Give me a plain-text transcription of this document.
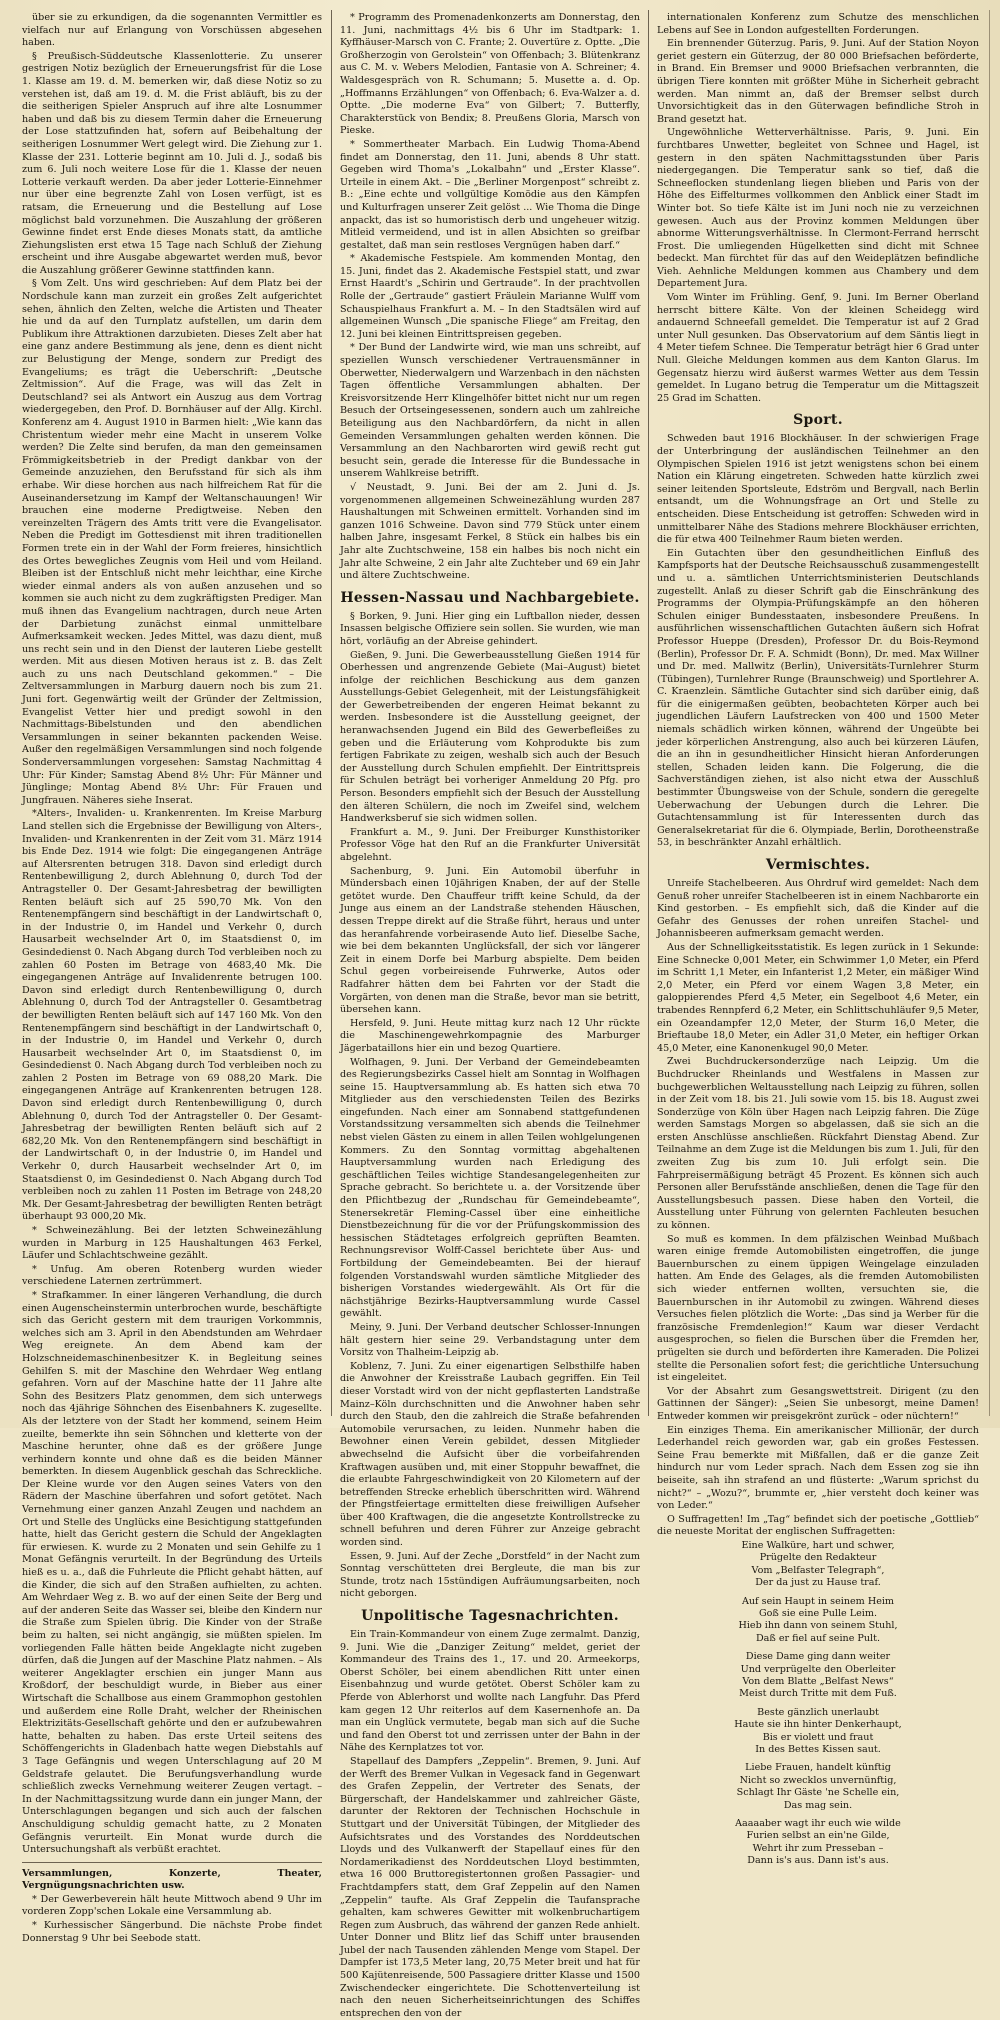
über sie zu erkundigen, da die sogenannten Vermittler es vielfach nur auf Erlangung von Vorschüssen abgesehen haben.

§ Preußisch-Süddeutsche Klassenlotterie. Zu unserer gestrigen Notiz bezüglich der Erneuerungsfrist für die Lose 1. Klasse am 19. d. M. bemerken wir, daß diese Notiz so zu verstehen ist, daß am 19. d. M. die Frist abläuft, bis zu der die seitherigen Spieler Anspruch auf ihre alte Losnummer haben und daß bis zu diesem Termin daher die Erneuerung der Lose stattzufinden hat, sofern auf Beibehaltung der seitherigen Losnummer Wert gelegt wird. Die Ziehung zur 1. Klasse der 231. Lotterie beginnt am 10. Juli d. J., sodaß bis zum 6. Juli noch weitere Lose für die 1. Klasse der neuen Lotterie verkauft werden. Da aber jeder Lotterie-Einnehmer nur über eine begrenzte Zahl von Losen verfügt, ist es ratsam, die Erneuerung und die Bestellung auf Lose möglichst bald vorzunehmen. Die Auszahlung der größeren Gewinne findet erst Ende dieses Monats statt, da amtliche Ziehungslisten erst etwa 15 Tage nach Schluß der Ziehung erscheint und ihre Ausgabe abgewartet werden muß, bevor die Auszahlung größerer Gewinne stattfinden kann.

§ Vom Zelt. Uns wird geschrieben: Auf dem Platz bei der Nordschule kann man zurzeit ein großes Zelt aufgerichtet sehen, ähnlich den Zelten, welche die Artisten und Theater hie und da auf den Turnplatz aufstellen, um darin dem Publikum ihre Attraktionen darzubieten. Dieses Zelt aber hat eine ganz andere Bestimmung als jene, denn es dient nicht zur Belustigung der Menge, sondern zur Predigt des Evangeliums; es trägt die Ueberschrift: „Deutsche Zeltmission“. Auf die Frage, was will das Zelt in Deutschland? sei als Antwort ein Auszug aus dem Vortrag wiedergegeben, den Prof. D. Bornhäuser auf der Allg. Kirchl. Konferenz am 4. August 1910 in Barmen hielt: „Wie kann das Christentum wieder mehr eine Macht in unserem Volke werden? Die Zelte sind berufen, da man den gemeinsamen Frömmigkeitsbetrieb in der Predigt dankbar von der Gemeinde anzuziehen, den Berufsstand für sich als ihm erhabe. Wir diese horchen aus nach hilfreichem Rat für die Auseinandersetzung im Kampf der Weltanschauungen! Wir brauchen eine moderne Predigtweise. Neben den vereinzelten Trägern des Amts tritt vere die Evangelisator. Neben die Predigt im Gottesdienst mit ihren traditionellen Formen trete ein in der Wahl der Form freieres, hinsichtlich des Ortes bewegliches Zeugnis vom Heil und vom Heiland. Bleiben ist der Entschluß nicht mehr leichthar, eine Kirche wieder einmal anders als von außen anzusehen und so kommen sie auch nicht zu dem zugkräftigsten Prediger. Man muß ihnen das Evangelium nachtragen, durch neue Arten der Darbietung zunächst einmal unmittelbare Aufmerksamkeit wecken. Jedes Mittel, was dazu dient, muß uns recht sein und in den Dienst der lauteren Liebe gestellt werden. Mit aus diesen Motiven heraus ist z. B. das Zelt auch zu uns nach Deutschland gekommen.“ – Die Zeltversammlungen in Marburg dauern noch bis zum 21. Juni fort. Gegenwärtig weilt der Gründer der Zeltmission, Evangelist Vetter hier und predigt sowohl in den Nachmittags-Bibelstunden und den abendlichen Versammlungen in seiner bekannten packenden Weise. Außer den regelmäßigen Versammlungen sind noch folgende Sonderversammlungen vorgesehen: Samstag Nachmittag 4 Uhr: Für Kinder; Samstag Abend 8½ Uhr: Für Männer und Jünglinge; Montag Abend 8½ Uhr: Für Frauen und Jungfrauen. Näheres siehe Inserat.

*Alters-, Invaliden- u. Krankenrenten. Im Kreise Marburg Land stellen sich die Ergebnisse der Bewilligung von Alters-, Invaliden- und Krankenrenten in der Zeit vom 31. März 1914 bis Ende Dez. 1914 wie folgt: Die eingegangenen Anträge auf Altersrenten betrugen 318. Davon sind erledigt durch Rentenbewilligung 2, durch Ablehnung 0, durch Tod der Antragsteller 0. Der Gesamt-Jahresbetrag der bewilligten Renten beläuft sich auf 25 590,70 Mk. Von den Rentenempfängern sind beschäftigt in der Landwirtschaft 0, in der Industrie 0, im Handel und Verkehr 0, durch Hausarbeit wechselnder Art 0, im Staatsdienst 0, im Gesindedienst 0. Nach Abgang durch Tod verbleiben noch zu zahlen 60 Posten im Betrage von 4683,40 Mk. Die eingegangenen Anträge auf Invalidenrente betrugen 100. Davon sind erledigt durch Rentenbewilligung 0, durch Ablehnung 0, durch Tod der Antragsteller 0. Gesamtbetrag der bewilligten Renten beläuft sich auf 147 160 Mk. Von den Rentenempfängern sind beschäftigt in der Landwirtschaft 0, in der Industrie 0, im Handel und Verkehr 0, durch Hausarbeit wechselnder Art 0, im Staatsdienst 0, im Gesindedienst 0. Nach Abgang durch Tod verbleiben noch zu zahlen 2 Posten im Betrage von 69 088,20 Mark. Die eingegangenen Anträge auf Krankenrenten betrugen 128. Davon sind erledigt durch Rentenbewilligung 0, durch Ablehnung 0, durch Tod der Antragsteller 0. Der Gesamt-Jahresbetrag der bewilligten Renten beläuft sich auf 2 682,20 Mk. Von den Rentenempfängern sind beschäftigt in der Landwirtschaft 0, in der Industrie 0, im Handel und Verkehr 0, durch Hausarbeit wechselnder Art 0, im Staatsdienst 0, im Gesindedienst 0. Nach Abgang durch Tod verbleiben noch zu zahlen 11 Posten im Betrage von 248,20 Mk. Der Gesamt-Jahresbetrag der bewilligten Renten beträgt überhaupt 93 000,20 Mk.

* Schweinezählung. Bei der letzten Schweinezählung wurden in Marburg in 125 Haushaltungen 463 Ferkel, Läufer und Schlachtschweine gezählt.

* Unfug. Am oberen Rotenberg wurden wieder verschiedene Laternen zertrümmert.

* Strafkammer. In einer längeren Verhandlung, die durch einen Augenscheinstermin unterbrochen wurde, beschäftigte sich das Gericht gestern mit dem traurigen Vorkommnis, welches sich am 3. April in den Abendstunden am Wehrdaer Weg ereignete. An dem Abend kam der Holzschneidemaschinenbesitzer K. in Begleitung seines Gehilfen S. mit der Maschine den Wehrdaer Weg entlang gefahren. Vorn auf der Maschine hatte der 11 Jahre alte Sohn des Besitzers Platz genommen, dem sich unterwegs noch das 4jährige Söhnchen des Eisenbahners K. zugesellte. Als der letztere von der Stadt her kommend, seinem Heim zueilte, bemerkte ihn sein Söhnchen und kletterte von der Maschine herunter, ohne daß es der größere Junge verhindern konnte und ohne daß es die beiden Männer bemerkten. In diesem Augenblick geschah das Schreckliche. Der Kleine wurde vor den Augen seines Vaters von den Rädern der Maschine überfahren und sofort getötet. Nach Vernehmung einer ganzen Anzahl Zeugen und nachdem an Ort und Stelle des Unglücks eine Besichtigung stattgefunden hatte, hielt das Gericht gestern die Schuld der Angeklagten für erwiesen. K. wurde zu 2 Monaten und sein Gehilfe zu 1 Monat Gefängnis verurteilt. In der Begründung des Urteils hieß es u. a., daß die Fuhrleute die Pflicht gehabt hätten, auf die Kinder, die sich auf den Straßen aufhielten, zu achten. Am Wehrdaer Weg z. B. wo auf der einen Seite der Berg und auf der anderen Seite das Wasser sei, bleibe den Kindern nur die Straße zum Spielen übrig. Die Kinder von der Straße beim zu halten, sei nicht angängig, sie müßten spielen. Im vorliegenden Falle hätten beide Angeklagte nicht zugeben dürfen, daß die Jungen auf der Maschine Platz nahmen. – Als weiterer Angeklagter erschien ein junger Mann aus Kroßdorf, der beschuldigt wurde, in Bieber aus einer Wirtschaft die Schallbose aus einem Grammophon gestohlen und außerdem eine Rolle Draht, welcher der Rheinischen Elektrizitäts-Gesellschaft gehörte und den er aufzubewahren hatte, behalten zu haben. Das erste Urteil seitens des Schöffengerichts in Gladenbach hatte wegen Diebstahls auf 3 Tage Gefängnis und wegen Unterschlagung auf 20 M Geldstrafe gelautet. Die Berufungsverhandlung wurde schließlich zwecks Vernehmung weiterer Zeugen vertagt. – In der Nachmittagssitzung wurde dann ein junger Mann, der Unterschlagungen begangen und sich auch der falschen Anschuldigung schuldig gemacht hatte, zu 2 Monaten Gefängnis verurteilt. Ein Monat wurde durch die Untersuchungshaft als verbüßt erachtet.

Versammlungen, Konzerte, Theater, Vergnügungsnachrichten usw.

* Der Gewerbeverein hält heute Mittwoch abend 9 Uhr im vorderen Zopp'schen Lokale eine Versammlung ab.

* Kurhessischer Sängerbund. Die nächste Probe findet Donnerstag 9 Uhr bei Seebode statt.

* Programm des Promenadenkonzerts am Donnerstag, den 11. Juni, nachmittags 4½ bis 6 Uhr im Stadtpark: 1. Kyffhäuser-Marsch von C. Frante; 2. Ouvertüre z. Optte. „Die Großherzogin von Gerolstein“ von Offenbach; 3. Blütenkranz aus C. M. v. Webers Melodien, Fantasie von A. Schreiner; 4. Waldesgespräch von R. Schumann; 5. Musette a. d. Op. „Hoffmanns Erzählungen“ von Offenbach; 6. Eva-Walzer a. d. Optte. „Die moderne Eva“ von Gilbert; 7. Butterfly, Charakterstück von Bendix; 8. Preußens Gloria, Marsch von Pieske.

* Sommertheater Marbach. Ein Ludwig Thoma-Abend findet am Donnerstag, den 11. Juni, abends 8 Uhr statt. Gegeben wird Thoma's „Lokalbahn“ und „Erster Klasse“. Urteile in einem Akt. – Die „Berliner Morgenpost“ schreibt z. B.: „Eine echte und vollgültige Komödie aus den Kämpfen und Kulturfragen unserer Zeit gelöst ... Wie Thoma die Dinge anpackt, das ist so humoristisch derb und ungeheuer witzig. Mitleid vermeidend, und ist in allen Absichten so greifbar gestaltet, daß man sein restloses Vergnügen haben darf.“

* Akademische Festspiele. Am kommenden Montag, den 15. Juni, findet das 2. Akademische Festspiel statt, und zwar Ernst Haardt's „Schirin und Gertraude“. In der prachtvollen Rolle der „Gertraude“ gastiert Fräulein Marianne Wulff vom Schauspielhaus Frankfurt a. M. – In den Stadtsälen wird auf allgemeinen Wunsch „Die spanische Fliege“ am Freitag, den 12. Juni bei kleinen Eintrittspreisen gegeben.

* Der Bund der Landwirte wird, wie man uns schreibt, auf speziellen Wunsch verschiedener Vertrauensmänner in Oberwetter, Niederwalgern und Warzenbach in den nächsten Tagen öffentliche Versammlungen abhalten. Der Kreisvorsitzende Herr Klingelhöfer bittet nicht nur um regen Besuch der Ortseingesessenen, sondern auch um zahlreiche Beteiligung aus den Nachbardörfern, da nicht in allen Gemeinden Versammlungen gehalten werden können. Die Versammlung an den Nachbarorten wird gewiß recht gut besucht sein, gerade die Interesse für die Bundessache in unserem Wahlkreise betrifft.

√ Neustadt, 9. Juni. Bei der am 2. Juni d. Js. vorgenommenen allgemeinen Schweinezählung wurden 287 Haushaltungen mit Schweinen ermittelt. Vorhanden sind im ganzen 1016 Schweine. Davon sind 779 Stück unter einem halben Jahre, insgesamt Ferkel, 8 Stück ein halbes bis ein Jahr alte Zuchtschweine, 158 ein halbes bis noch nicht ein Jahr alte Schweine, 2 ein Jahr alte Zuchteber und 69 ein Jahr und ältere Zuchtschweine.

Hessen-Nassau und Nachbargebiete.

§ Borken, 9. Juni. Hier ging ein Luftballon nieder, dessen Insassen belgische Offiziere sein sollen. Sie wurden, wie man hört, vorläufig an der Abreise gehindert.

Gießen, 9. Juni. Die Gewerbeausstellung Gießen 1914 für Oberhessen und angrenzende Gebiete (Mai–August) bietet infolge der reichlichen Beschickung aus dem ganzen Ausstellungs-Gebiet Gelegenheit, mit der Leistungsfähigkeit der Gewerbetreibenden der engeren Heimat bekannt zu werden. Insbesondere ist die Ausstellung geeignet, der heranwachsenden Jugend ein Bild des Gewerbefleißes zu geben und die Erläuterung vom Kohprodukte bis zum fertigen Fabrikate zu zeigen, weshalb sich auch der Besuch der Ausstellung durch Schulen empfiehlt. Der Eintrittspreis für Schulen beträgt bei vorheriger Anmeldung 20 Pfg. pro Person. Besonders empfiehlt sich der Besuch der Ausstellung den älteren Schülern, die noch im Zweifel sind, welchem Handwerksberuf sie sich widmen sollen.

Frankfurt a. M., 9. Juni. Der Freiburger Kunsthistoriker Professor Vöge hat den Ruf an die Frankfurter Universität abgelehnt.

Sachenburg, 9. Juni. Ein Automobil überfuhr in Mündersbach einen 10jährigen Knaben, der auf der Stelle getötet wurde. Den Chauffeur trifft keine Schuld, da der Junge aus einem an der Landstraße stehenden Häuschen, dessen Treppe direkt auf die Straße führt, heraus und unter das heranfahrende vorbeirasende Auto lief. Dieselbe Sache, wie bei dem bekannten Unglücksfall, der sich vor längerer Zeit in einem Dorfe bei Marburg abspielte. Dem beiden Schul gegen vorbeireisende Fuhrwerke, Autos oder Radfahrer hätten dem bei Fahrten vor der Stadt die Vorgärten, von denen man die Straße, bevor man sie betritt, übersehen kann.

Hersfeld, 9. Juni. Heute mittag kurz nach 12 Uhr rückte die Maschinengewehrkompagnie des Marburger Jägerbataillons hier ein und bezog Quartiere.

Wolfhagen, 9. Juni. Der Verband der Gemeindebeamten des Regierungsbezirks Cassel hielt am Sonntag in Wolfhagen seine 15. Hauptversammlung ab. Es hatten sich etwa 70 Mitglieder aus den verschiedensten Teilen des Bezirks eingefunden. Nach einer am Sonnabend stattgefundenen Vorstandssitzung versammelten sich abends die Teilnehmer nebst vielen Gästen zu einem in allen Teilen wohlgelungenen Kommers. Zu den Sonntag vormittag abgehaltenen Hauptversammlung wurden nach Erledigung des geschäftlichen Teiles wichtige Standesangelegenheiten zur Sprache gebracht. So berichtete u. a. der Vorsitzende über den Pflichtbezug der „Rundschau für Gemeindebeamte“, Stenersekretär Fleming-Cassel über eine einheitliche Dienstbezeichnung für die vor der Prüfungskommission des hessischen Städtetages erfolgreich geprüften Beamten. Rechnungsrevisor Wolff-Cassel berichtete über Aus- und Fortbildung der Gemeindebeamten. Bei der hierauf folgenden Vorstandswahl wurden sämtliche Mitglieder des bisherigen Vorstandes wiedergewählt. Als Ort für die nächstjährige Bezirks-Hauptversammlung wurde Cassel gewählt.

Meiny, 9. Juni. Der Verband deutscher Schlosser-Innungen hält gestern hier seine 29. Verbandstagung unter dem Vorsitz von Thalheim-Leipzig ab.

Koblenz, 7. Juni. Zu einer eigenartigen Selbsthilfe haben die Anwohner der Kreisstraße Laubach gegriffen. Ein Teil dieser Vorstadt wird von der nicht gepflasterten Landstraße Mainz–Köln durchschnitten und die Anwohner haben sehr durch den Staub, den die zahlreich die Straße befahrenden Automobile verursachen, zu leiden. Nunmehr haben die Bewohner einen Verein gebildet, dessen Mitglieder abwechselnd die Aufsicht über die vorbeifahrenden Kraftwagen ausüben und, mit einer Stoppuhr bewaffnet, die die erlaubte Fahrgeschwindigkeit von 20 Kilometern auf der betreffenden Strecke erheblich überschritten wird. Während der Pfingstfeiertage ermittelten diese freiwilligen Aufseher über 400 Kraftwagen, die die angesetzte Kontrollstrecke zu schnell befuhren und deren Führer zur Anzeige gebracht worden sind.

Essen, 9. Juni. Auf der Zeche „Dorstfeld“ in der Nacht zum Sonntag verschütteten drei Bergleute, die man bis zur Stunde, trotz nach 15stündigen Aufräumungsarbeiten, noch nicht geborgen.

Unpolitische Tagesnachrichten.

Ein Train-Kommandeur von einem Zuge zermalmt. Danzig, 9. Juni. Wie die „Danziger Zeitung“ meldet, geriet der Kommandeur des Trains des 1., 17. und 20. Armeekorps, Oberst Schöler, bei einem abendlichen Ritt unter einen Eisenbahnzug und wurde getötet. Oberst Schöler kam zu Pferde von Ablerhorst und wollte nach Langfuhr. Das Pferd kam gegen 12 Uhr reiterlos auf dem Kasernenhofe an. Da man ein Unglück vermutete, begab man sich auf die Suche und fand den Oberst tot und zerrissen unter der Bahn in der Nähe des Kernplatzes tot vor.

Stapellauf des Dampfers „Zeppelin“. Bremen, 9. Juni. Auf der Werft des Bremer Vulkan in Vegesack fand in Gegenwart des Grafen Zeppelin, der Vertreter des Senats, der Bürgerschaft, der Handelskammer und zahlreicher Gäste, darunter der Rektoren der Technischen Hochschule in Stuttgart und der Universität Tübingen, der Mitglieder des Aufsichtsrates und des Vorstandes des Norddeutschen Lloyds und des Vulkanwerft der Stapellauf eines für den Nordamerikadienst des Norddeutschen Lloyd bestimmten, etwa 16 000 Bruttoregistertonnen großen Passagier- und Frachtdampfers statt, dem Graf Zeppelin auf den Namen „Zeppelin“ taufte. Als Graf Zeppelin die Taufansprache gehalten, kam schweres Gewitter mit wolkenbruchartigem Regen zum Ausbruch, das während der ganzen Rede anhielt. Unter Donner und Blitz lief das Schiff unter brausenden Jubel der nach Tausenden zählenden Menge vom Stapel. Der Dampfer ist 173,5 Meter lang, 20,75 Meter breit und hat für 500 Kajütenreisende, 500 Passagiere dritter Klasse und 1500 Zwischendecker eingerichtete. Die Schottenverteilung ist nach den neuen Sicherheitseinrichtungen des Schiffes entsprechen den von der

internationalen Konferenz zum Schutze des menschlichen Lebens auf See in London aufgestellten Forderungen.

Ein brennender Güterzug. Paris, 9. Juni. Auf der Station Noyon geriet gestern ein Güterzug, der 80 000 Briefsachen beförderte, in Brand. Ein Bremser und 9000 Briefsachen verbrannten, die übrigen Tiere konnten mit größter Mühe in Sicherheit gebracht werden. Man nimmt an, daß der Bremser selbst durch Unvorsichtigkeit das in den Güterwagen befindliche Stroh in Brand gesetzt hat.

Ungewöhnliche Wetterverhältnisse. Paris, 9. Juni. Ein furchtbares Unwetter, begleitet von Schnee und Hagel, ist gestern in den späten Nachmittagsstunden über Paris niedergegangen. Die Temperatur sank so tief, daß die Schneeflocken stundenlang liegen blieben und Paris von der Höhe des Eiffelturmes vollkommen den Anblick einer Stadt im Winter bot. So tiefe Kälte ist im Juni noch nie zu verzeichnen gewesen. Auch aus der Provinz kommen Meldungen über abnorme Witterungsverhältnisse. In Clermont-Ferrand herrscht Frost. Die umliegenden Hügelketten sind dicht mit Schnee bedeckt. Man fürchtet für das auf den Weideplätzen befindliche Vieh. Aehnliche Meldungen kommen aus Chambery und dem Departement Jura.

Vom Winter im Frühling. Genf, 9. Juni. Im Berner Oberland herrscht bittere Kälte. Von der kleinen Scheidegg wird andauernd Schneefall gemeldet. Die Temperatur ist auf 2 Grad unter Null gesunken. Das Observatorium auf dem Säntis liegt in 4 Meter tiefem Schnee. Die Temperatur beträgt hier 6 Grad unter Null. Gleiche Meldungen kommen aus dem Kanton Glarus. Im Gegensatz hierzu wird äußerst warmes Wetter aus dem Tessin gemeldet. In Lugano betrug die Temperatur um die Mittagszeit 25 Grad im Schatten.

Sport.

Schweden baut 1916 Blockhäuser. In der schwierigen Frage der Unterbringung der ausländischen Teilnehmer an den Olympischen Spielen 1916 ist jetzt wenigstens schon bei einem Nation ein Klärung eingetreten. Schweden hatte kürzlich zwei seiner leitenden Sportsleute, Edström und Bergvall, nach Berlin entsandt, um die Wohnungsfrage an Ort und Stelle zu entscheiden. Diese Entscheidung ist getroffen: Schweden wird in unmittelbarer Nähe des Stadions mehrere Blockhäuser errichten, die für etwa 400 Teilnehmer Raum bieten werden.

Ein Gutachten über den gesundheitlichen Einfluß des Kampfsports hat der Deutsche Reichsausschuß zusammengestellt und u. a. sämtlichen Unterrichtsministerien Deutschlands zugestellt. Anlaß zu dieser Schrift gab die Einschränkung des Programms der Olympia-Prüfungskämpfe an den höheren Schulen einiger Bundesstaaten, insbesondere Preußens. In ausführlichen wissenschaftlichen Gutachten äußern sich Hofrat Professor Hueppe (Dresden), Professor Dr. du Bois-Reymond (Berlin), Professor Dr. F. A. Schmidt (Bonn), Dr. med. Max Willner und Dr. med. Mallwitz (Berlin), Universitäts-Turnlehrer Sturm (Tübingen), Turnlehrer Runge (Braunschweig) und Sportlehrer A. C. Kraenzlein. Sämtliche Gutachter sind sich darüber einig, daß für die einigermaßen geübten, beobachteten Körper auch bei jugendlichen Läufern Laufstrecken von 400 und 1500 Meter niemals schädlich wirken können, während der Ungeübte bei jeder körperlichen Anstrengung, also auch bei kürzeren Läufen, die an ihn in gesundheitlicher Hinsicht hieran Anforderungen stellen, Schaden leiden kann. Die Folgerung, die die Sachverständigen ziehen, ist also nicht etwa der Ausschluß bestimmter Übungsweise von der Schule, sondern die geregelte Ueberwachung der Uebungen durch die Lehrer. Die Gutachtensammlung ist für Interessenten durch das Generalsekretariat für die 6. Olympiade, Berlin, Dorotheenstraße 53, in beschränkter Anzahl erhältlich.

Vermischtes.

Unreife Stachelbeeren. Aus Ohrdruf wird gemeldet: Nach dem Genuß roher unreifer Stachelbeeren ist in einem Nachbarorte ein Kind gestorben. – Es empfiehlt sich, daß die Kinder auf die Gefahr des Genusses der rohen unreifen Stachel- und Johannisbeeren aufmerksam gemacht werden.

Aus der Schnelligkeitsstatistik. Es legen zurück in 1 Sekunde: Eine Schnecke 0,001 Meter, ein Schwimmer 1,0 Meter, ein Pferd im Schritt 1,1 Meter, ein Infanterist 1,2 Meter, ein mäßiger Wind 2,0 Meter, ein Pferd vor einem Wagen 3,8 Meter, ein galoppierendes Pferd 4,5 Meter, ein Segelboot 4,6 Meter, ein trabendes Rennpferd 6,2 Meter, ein Schlittschuhläufer 9,5 Meter, ein Ozeandampfer 12,0 Meter, der Sturm 16,0 Meter, die Brieftaube 18,0 Meter, ein Adler 31,0 Meter, ein heftiger Orkan 45,0 Meter, eine Kanonenkugel 90,0 Meter.

Zwei Buchdruckersonderzüge nach Leipzig. Um die Buchdrucker Rheinlands und Westfalens in Massen zur buchgewerblichen Weltausstellung nach Leipzig zu führen, sollen in der Zeit vom 18. bis 21. Juli sowie vom 15. bis 18. August zwei Sonderzüge von Köln über Hagen nach Leipzig fahren. Die Züge werden Samstags Morgen so abgelassen, daß sie sich an die ersten Anschlüsse anschließen. Rückfahrt Dienstag Abend. Zur Teilnahme an dem Zuge ist die Meldungen bis zum 1. Juli, für den zweiten Zug bis zum 10. Juli erfolgt sein. Die Fahrpreisermäßigung beträgt 45 Prozent. Es können sich auch Personen aller Berufsstände anschließen, denen die Tage für den Ausstellungsbesuch passen. Diese haben den Vorteil, die Ausstellung unter Führung von gelernten Fachleuten besuchen zu können.

So muß es kommen. In dem pfälzischen Weinbad Mußbach waren einige fremde Automobilisten eingetroffen, die junge Bauernburschen zu einem üppigen Weingelage einzuladen hatten. Am Ende des Gelages, als die fremden Automobilisten sich wieder entfernen wollten, versuchten sie, die Bauernburschen in ihr Automobil zu zwingen. Während dieses Versuches fielen plötzlich die Worte: „Das sind ja Werber für die französische Fremdenlegion!“ Kaum war dieser Verdacht ausgesprochen, so fielen die Burschen über die Fremden her, prügelten sie durch und beförderten ihre Kameraden. Die Polizei stellte die Personalien sofort fest; die gerichtliche Untersuchung ist eingeleitet.

Vor der Absahrt zum Gesangswettstreit. Dirigent (zu den Gattinnen der Sänger): „Seien Sie unbesorgt, meine Damen! Entweder kommen wir preisgekrönt zurück – oder nüchtern!“

Ein einziges Thema. Ein amerikanischer Millionär, der durch Lederhandel reich geworden war, gab ein großes Festessen. Seine Frau bemerkte mit Mißfallen, daß er die ganze Zeit hindurch nur vom Leder sprach. Nach dem Essen zog sie ihn beiseite, sah ihn strafend an und flüsterte: „Warum sprichst du nicht?“ – „Wozu?“, brummte er, „hier versteht doch keiner was von Leder.“

O Suffragetten! Im „Tag“ befindet sich der poetische „Gottlieb“ die neueste Moritat der englischen Suffragetten:

Eine Walküre, hart und schwer,

Prügelte den Redakteur

Vom „Belfaster Telegraph“,

Der da just zu Hause traf.

Auf sein Haupt in seinem Heim

Goß sie eine Pulle Leim.

Hieb ihn dann von seinem Stuhl,

Daß er fiel auf seine Pult.

Diese Dame ging dann weiter

Und verprügelte den Oberleiter

Von dem Blatte „Belfast News“

Meist durch Tritte mit dem Fuß.

Beste gänzlich unerlaubt

Haute sie ihn hinter Denkerhaupt,

Bis er violett und fraut

In des Bettes Kissen saut.

Liebe Frauen, handelt künftig

Nicht so zwecklos unvernünftig,

Schlagt Ihr Gäste 'ne Schelle ein,

Das mag sein.

Aaaaaber wagt ihr euch wie wilde

Furien selbst an ein'ne Gilde,

Wehrt ihr zum Presseban –

Dann is's aus. Dann ist's aus.
